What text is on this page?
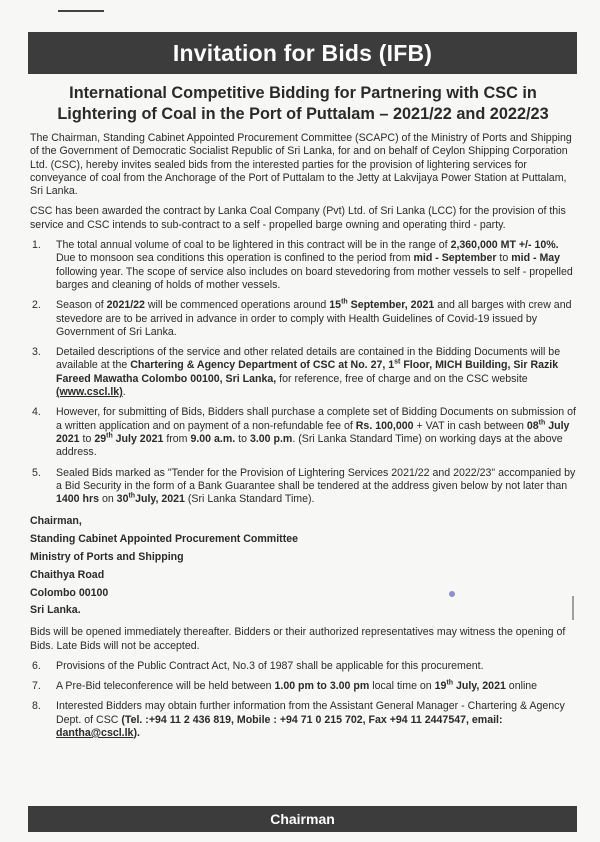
Invitation for Bids (IFB)
International Competitive Bidding for Partnering with CSC in
Lightering of Coal in the Port of Puttalam – 2021/22 and 2022/23

The Chairman, Standing Cabinet Appointed Procurement Committee (SCAPC) of the Ministry of Ports and Shipping of the Government of Democratic Socialist Republic of Sri Lanka, for and on behalf of Ceylon Shipping Corporation Ltd. (CSC), hereby invites sealed bids from the interested parties for the provision of lightering services for conveyance of coal from the Anchorage of the Port of Puttalam to the Jetty at Lakvijaya Power Station at Puttalam, Sri Lanka.

CSC has been awarded the contract by Lanka Coal Company (Pvt) Ltd. of Sri Lanka (LCC) for the provision of this service and CSC intends to sub-contract to a self - propelled barge owning and operating third - party.

1. The total annual volume of coal to be lightered in this contract will be in the range of 2,360,000 MT +/- 10%. Due to monsoon sea conditions this operation is confined to the period from mid - September to mid - May following year. The scope of service also includes on board stevedoring from mother vessels to self - propelled barges and cleaning of holds of mother vessels.
2. Season of 2021/22 will be commenced operations around 15th September, 2021 and all barges with crew and stevedore are to be arrived in advance in order to comply with Health Guidelines of Covid-19 issued by Government of Sri Lanka.
3. Detailed descriptions of the service and other related details are contained in the Bidding Documents will be available at the Chartering & Agency Department of CSC at No. 27, 1st Floor, MICH Building, Sir Razik Fareed Mawatha Colombo 00100, Sri Lanka, for reference, free of charge and on the CSC website (www.cscl.lk).
4. However, for submitting of Bids, Bidders shall purchase a complete set of Bidding Documents on submission of a written application and on payment of a non-refundable fee of Rs. 100,000 + VAT in cash between 08th July 2021 to 29th July 2021 from 9.00 a.m. to 3.00 p.m. (Sri Lanka Standard Time) on working days at the above address.
5. Sealed Bids marked as "Tender for the Provision of Lightering Services 2021/22 and 2022/23" accompanied by a Bid Security in the form of a Bank Guarantee shall be tendered at the address given below by not later than 1400 hrs on 30thJuly, 2021 (Sri Lanka Standard Time).
Chairman,
Standing Cabinet Appointed Procurement Committee
Ministry of Ports and Shipping
Chaithya Road
Colombo 00100
Sri Lanka.

Bids will be opened immediately thereafter. Bidders or their authorized representatives may witness the opening of Bids. Late Bids will not be accepted.

6. Provisions of the Public Contract Act, No.3 of 1987 shall be applicable for this procurement.
7. A Pre-Bid teleconference will be held between 1.00 pm to 3.00 pm local time on 19th July, 2021 online
8. Interested Bidders may obtain further information from the Assistant General Manager - Chartering & Agency Dept. of CSC (Tel. :+94 11 2 436 819, Mobile : +94 71 0 215 702, Fax +94 11 2447547, email: dantha@cscl.lk).
Chairman
